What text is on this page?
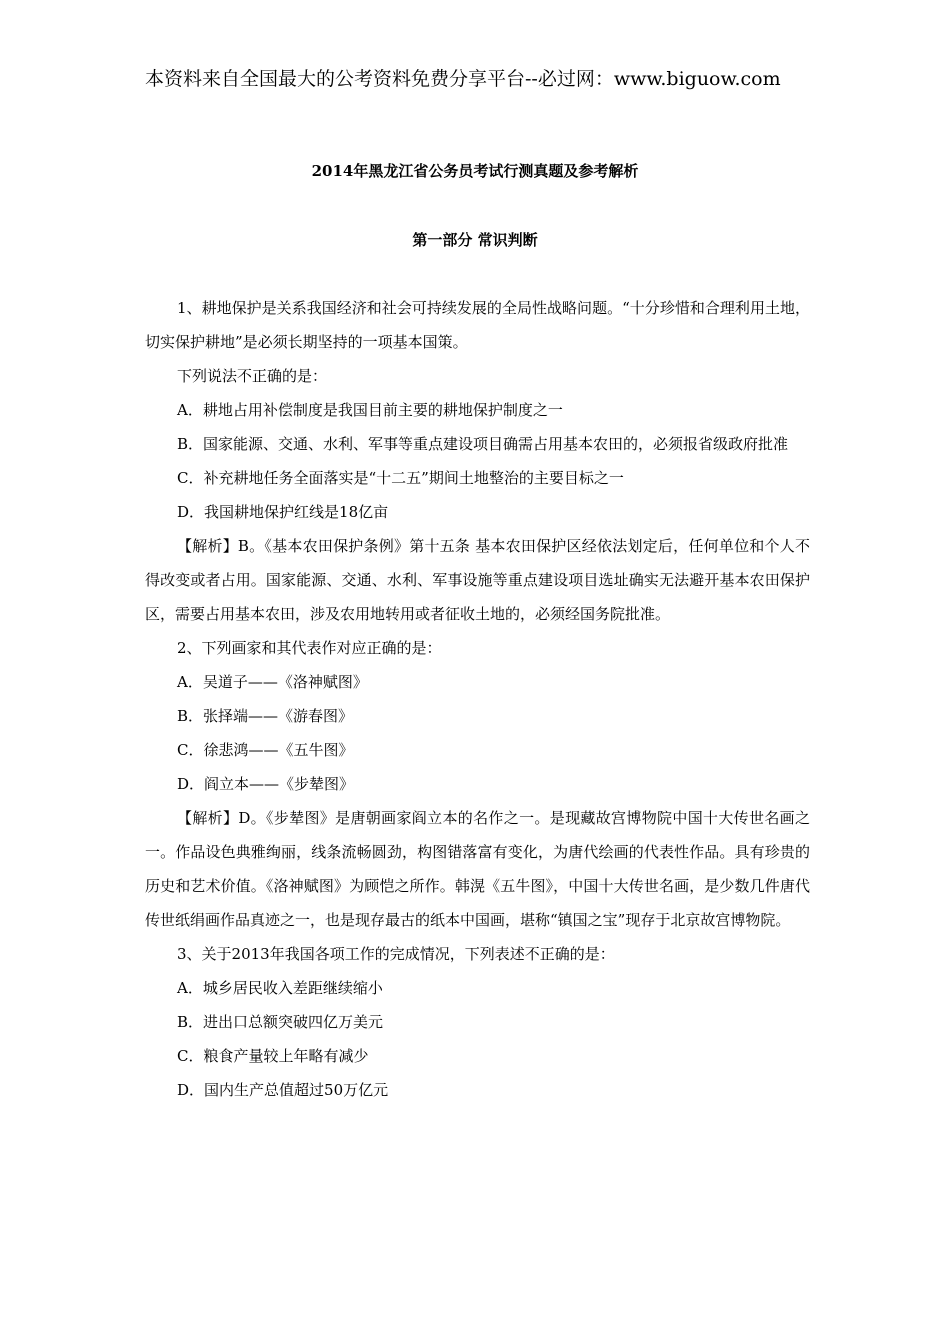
本资料来自全国最大的公考资料免费分享平台--必过网：www.biguow.com
2014年黑龙江省公务员考试行测真题及参考解析
第一部分 常识判断

1、耕地保护是关系我国经济和社会可持续发展的全局性战略问题。“十分珍惜和合理利用土地，切实保护耕地”是必须长期坚持的一项基本国策。

下列说法不正确的是：

A．耕地占用补偿制度是我国目前主要的耕地保护制度之一

B．国家能源、交通、水利、军事等重点建设项目确需占用基本农田的，必须报省级政府批准

C．补充耕地任务全面落实是“十二五”期间土地整治的主要目标之一

D．我国耕地保护红线是18亿亩

【解析】B。《基本农田保护条例》第十五条 基本农田保护区经依法划定后，任何单位和个人不得改变或者占用。国家能源、交通、水利、军事设施等重点建设项目选址确实无法避开基本农田保护区，需要占用基本农田，涉及农用地转用或者征收土地的，必须经国务院批准。

2、下列画家和其代表作对应正确的是：

A．吴道子——《洛神赋图》

B．张择端——《游春图》

C．徐悲鸿——《五牛图》

D．阎立本——《步辇图》

【解析】D。《步辇图》是唐朝画家阎立本的名作之一。是现藏故宫博物院中国十大传世名画之一。作品设色典雅绚丽，线条流畅圆劲，构图错落富有变化，为唐代绘画的代表性作品。具有珍贵的历史和艺术价值。《洛神赋图》为顾恺之所作。韩滉《五牛图》，中国十大传世名画，是少数几件唐代传世纸绢画作品真迹之一，也是现存最古的纸本中国画，堪称“镇国之宝”现存于北京故宫博物院。

3、关于2013年我国各项工作的完成情况，下列表述不正确的是：

A．城乡居民收入差距继续缩小

B．进出口总额突破四亿万美元

C．粮食产量较上年略有减少

D．国内生产总值超过50万亿元
